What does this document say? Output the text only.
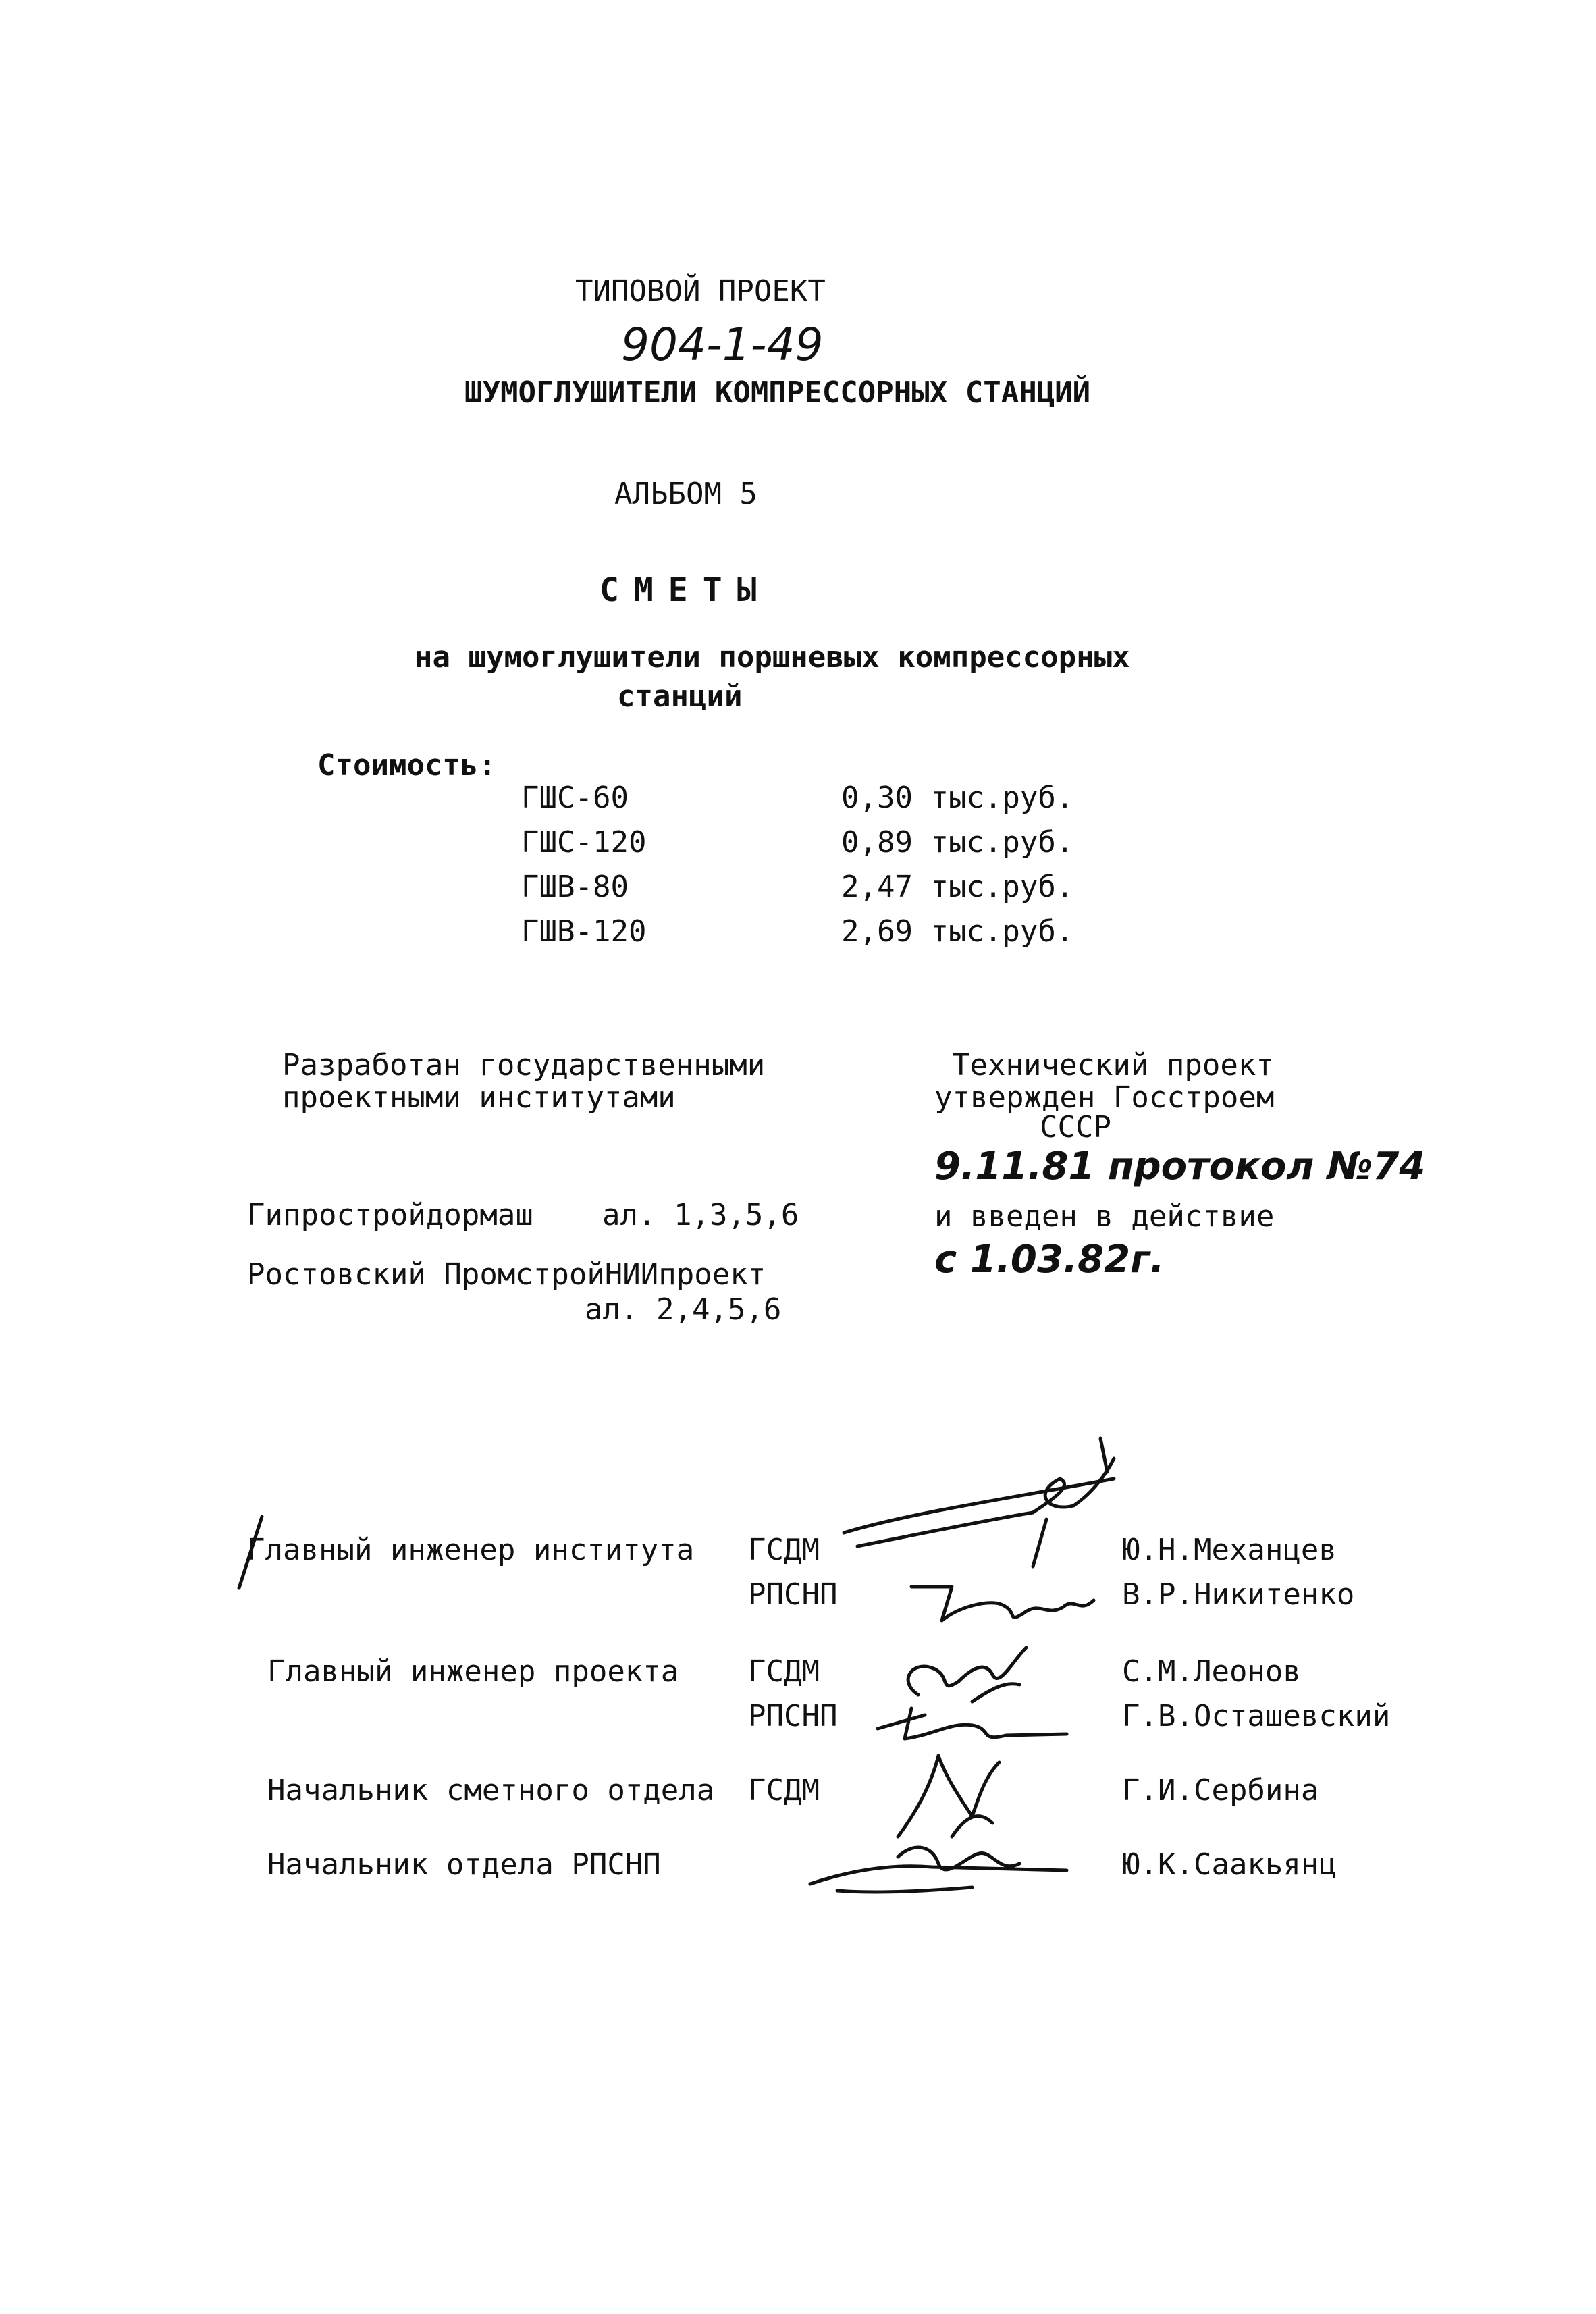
ТИПОВОЙ ПРОЕКТ
904-1-49
ШУМОГЛУШИТЕЛИ КОМПРЕССОРНЫХ СТАНЦИЙ
АЛЬБОМ 5
СМЕТЫ
на шумоглушители поршневых компрессорных
станций
Стоимость:
ГШС-60	0,30 тыс.руб.
ГШС-120	0,89 тыс.руб.
ГШВ-80	2,47 тыс.руб.
ГШВ-120	2,69 тыс.руб.
Разработан государственными
проектными институтами
Гипростройдормаш ал. 1,3,5,6
Ростовский ПромстройНИИпроект
ал. 2,4,5,6
Технический проект
утвержден Госстроем
СССР
9.11.81 протокол №74
и введен в действие
с 1.03.82г.
Главный инженер института ГСДМ	Ю.Н.Механцев
РПСНП	В.Р.Никитенко
Главный инженер проекта ГСДМ	С.М.Леонов
РПСНП	Г.В.Осташевский
Начальник сметного отдела ГСДМ	Г.И.Сербина
Начальник отдела РПСНП	Ю.К.Саакьянц
